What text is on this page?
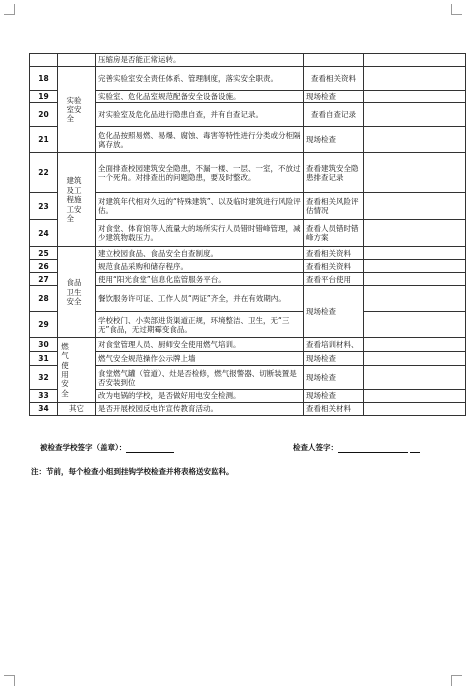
			压缩房是否能正常运转。		
18	实验室安全		完善实验室安全责任体系、管理制度，落实安全职责。	查看相关资料	
19			实验室、危化品室规范配备安全设备设施。	现场检查	
20			对实验室及危化品进行隐患自查，并有自查记录。	查看自查记录	
21			危化品按照易燃、易爆、腐蚀、毒害等特性进行分类或分柜隔离存放。	现场检查	
22	建筑及工程施工安全		全面排查校园建筑安全隐患，不漏一楼、一层、一室，不放过一个死角。对排查出的问题隐患，要及时整改。	查看建筑安全隐患排查记录	
23			对建筑年代相对久远的“特殊建筑”、以及临时建筑进行风险评估。	查看相关风险评估情况	
24			对食堂、体育馆等人流量大的场所实行人员错时错峰管理，减少建筑物载压力。	查看人员错时错峰方案	
25	食品卫生安全		建立校园食品、食品安全自查制度。	查看相关资料	
26			规范食品采购和储存程序。	查看相关资料	
27			使用“阳光食堂”信息化监管服务平台。	查看平台使用	
28			餐饮服务许可证、工作人员“两证”齐全，并在有效期内。	现场检查	
29			学校校门、小卖部进货渠道正规，环境整洁、卫生，无“三无”食品，无过期霉变食品。		
30	燃气使用安全		对食堂管理人员、厨师安全使用燃气培训。	查看培训材料、	
31			燃气安全规范操作公示牌上墙	现场检查	
32			食堂燃气罐（管道）、灶是否检修，燃气报警器、切断装置是否安装到位	现场检查	
33			改为电锅的学校，是否做好用电安全检测。	现场检查	
34	其它		是否开展校园反电诈宣传教育活动。	查看相关材料	
被检查学校签字（盖章）：	检查人签字：
注：节前，每个检查小组到挂钩学校检查并将表格送安监科。
